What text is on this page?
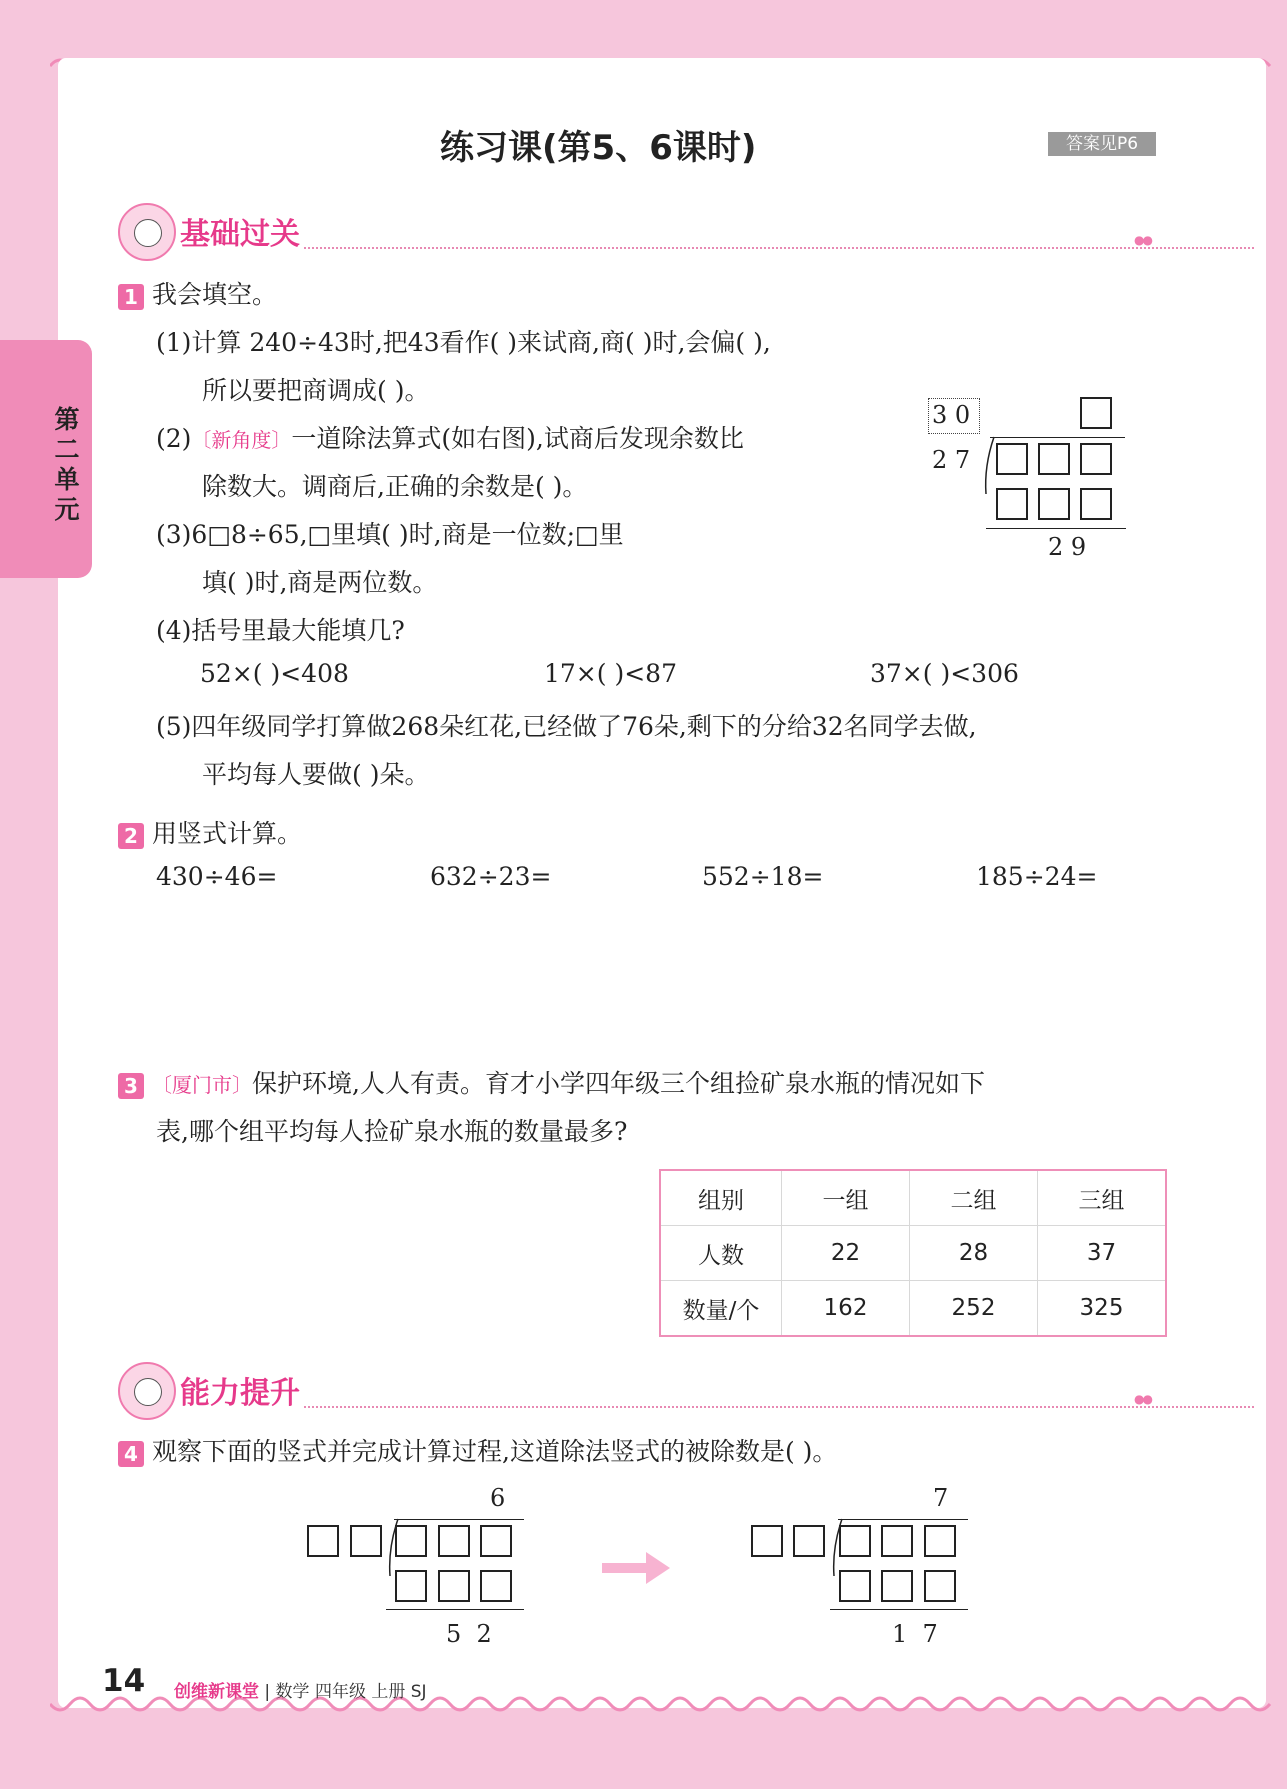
第二单元
练习课(第5、6课时)	答案见P6
基础过关	●●
1 我会填空。
(1)计算 240÷43时,把43看作( )来试商,商( )时,会偏( ),
所以要把商调成( )。
(2)〔新角度〕一道除法算式(如右图),试商后发现余数比
除数大。调商后,正确的余数是( )。
(3)6□8÷65,□里填( )时,商是一位数;□里
填( )时,商是两位数。
(4)括号里最大能填几?
52×( )<408	17×( )<87	37×( )<306
(5)四年级同学打算做268朵红花,已经做了76朵,剩下的分给32名同学去做,
平均每人要做( )朵。
3 0
2 7
2 9
2 用竖式计算。
430÷46=	632÷23=	552÷18=	185÷24=
3 〔厦门市〕保护环境,人人有责。育才小学四年级三个组捡矿泉水瓶的情况如下
表,哪个组平均每人捡矿泉水瓶的数量最多?
组别	一组	二组	三组
人数	22	28	37
数量/个	162	252	325
能力提升	●●
4 观察下面的竖式并完成计算过程,这道除法竖式的被除数是( )。
6
5  2
7
1  7
14 创维新课堂 | 数学 四年级 上册 SJ
